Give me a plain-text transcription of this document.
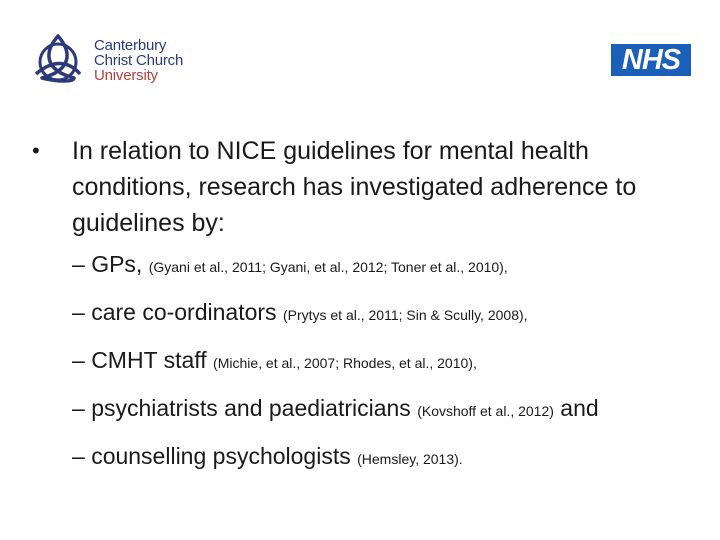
Canterbury
Christ Church
University	NHS
• In relation to NICE guidelines for mental health conditions, research has investigated adherence to guidelines by:
– GPs, (Gyani et al., 2011; Gyani, et al., 2012; Toner et al., 2010),
– care co-ordinators (Prytys et al., 2011; Sin & Scully, 2008),
– CMHT staff (Michie, et al., 2007; Rhodes, et al., 2010),
– psychiatrists and paediatricians (Kovshoff et al., 2012) and
– counselling psychologists (Hemsley, 2013).
